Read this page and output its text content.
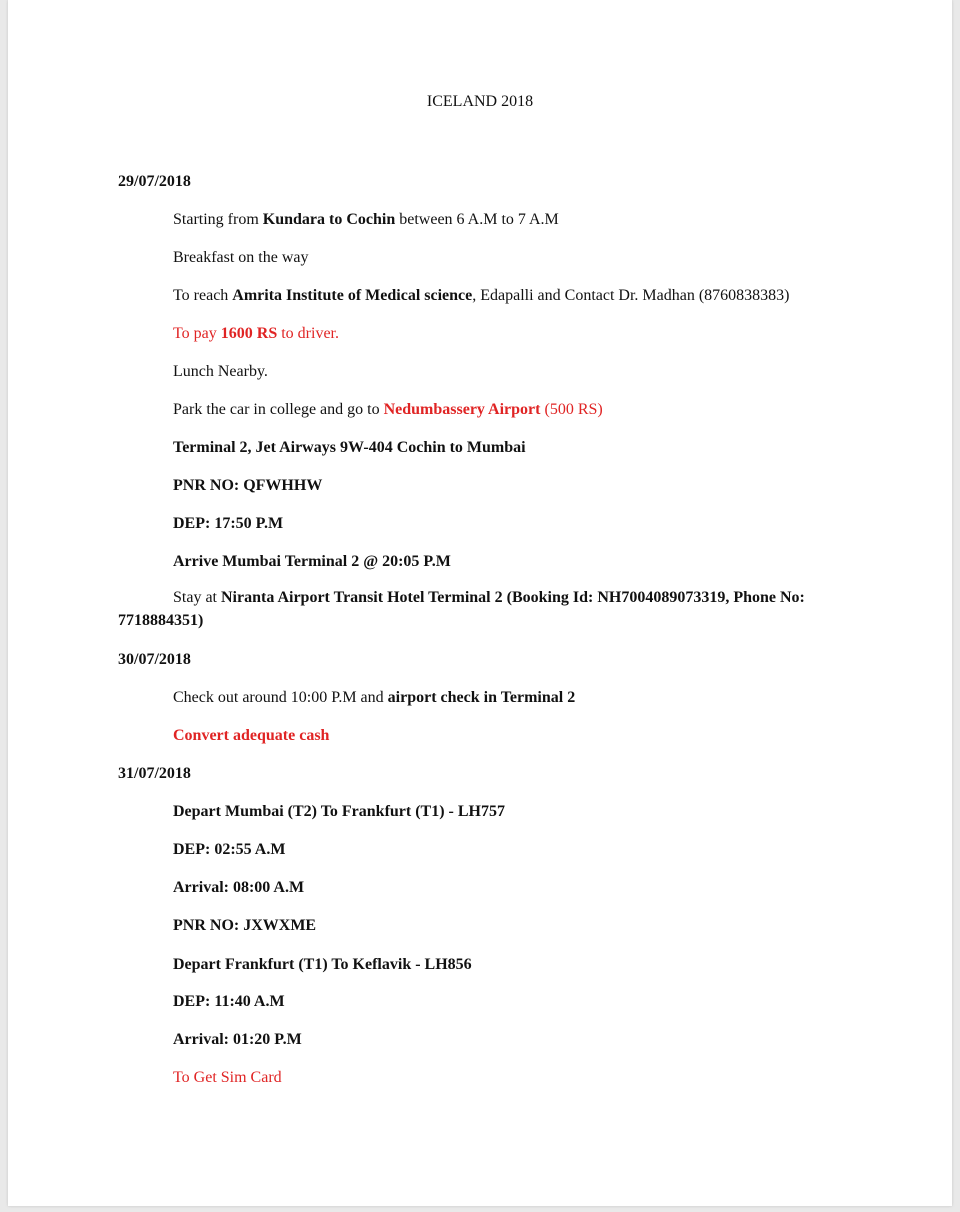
ICELAND 2018

29/07/2018

Starting from Kundara to Cochin between 6 A.M to 7 A.M

Breakfast on the way

To reach Amrita Institute of Medical science, Edapalli and Contact Dr. Madhan (8760838383)

To pay 1600 RS to driver.

Lunch Nearby.

Park the car in college and go to Nedumbassery Airport (500 RS)

Terminal 2, Jet Airways 9W-404 Cochin to Mumbai

PNR NO: QFWHHW

DEP: 17:50 P.M

Arrive Mumbai Terminal 2 @ 20:05 P.M

Stay at Niranta Airport Transit Hotel Terminal 2 (Booking Id: NH7004089073319, Phone No: 7718884351)

30/07/2018

Check out around 10:00 P.M and airport check in Terminal 2

Convert adequate cash

31/07/2018

Depart Mumbai (T2) To Frankfurt (T1) - LH757

DEP: 02:55 A.M

Arrival: 08:00 A.M

PNR NO: JXWXME

Depart Frankfurt (T1) To Keflavik - LH856

DEP: 11:40 A.M

Arrival: 01:20 P.M

To Get Sim Card
